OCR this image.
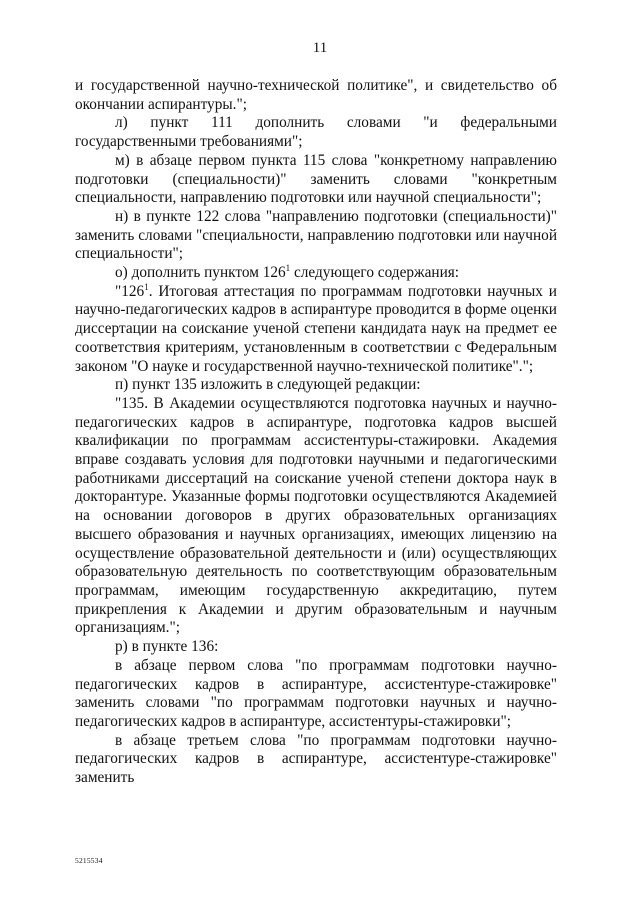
11

и государственной научно-технической политике", и свидетельство об окончании аспирантуры.";

л) пункт 111 дополнить словами "и федеральными государственными требованиями";

м) в абзаце первом пункта 115 слова "конкретному направлению подготовки (специальности)" заменить словами "конкретным специальности, направлению подготовки или научной специальности";

н) в пункте 122 слова "направлению подготовки (специальности)" заменить словами "специальности, направлению подготовки или научной специальности";

о) дополнить пунктом $126^1$ следующего содержания:

"$126^1$. Итоговая аттестация по программам подготовки научных и научно-педагогических кадров в аспирантуре проводится в форме оценки диссертации на соискание ученой степени кандидата наук на предмет ее соответствия критериям, установленным в соответствии с Федеральным законом "О науке и государственной научно-технической политике".";

п) пункт 135 изложить в следующей редакции:

"135. В Академии осуществляются подготовка научных и научно-педагогических кадров в аспирантуре, подготовка кадров высшей квалификации по программам ассистентуры-стажировки. Академия вправе создавать условия для подготовки научными и педагогическими работниками диссертаций на соискание ученой степени доктора наук в докторантуре. Указанные формы подготовки осуществляются Академией на основании договоров в других образовательных организациях высшего образования и научных организациях, имеющих лицензию на осуществление образовательной деятельности и (или) осуществляющих образовательную деятельность по соответствующим образовательным программам, имеющим государственную аккредитацию, путем прикрепления к Академии и другим образовательным и научным организациям.";

р) в пункте 136:

в абзаце первом слова "по программам подготовки научно-педагогических кадров в аспирантуре, ассистентуре-стажировке" заменить словами "по программам подготовки научных и научно-педагогических кадров в аспирантуре, ассистентуры-стажировки";

в абзаце третьем слова "по программам подготовки научно-педагогических кадров в аспирантуре, ассистентуре-стажировке" заменить

5215534
